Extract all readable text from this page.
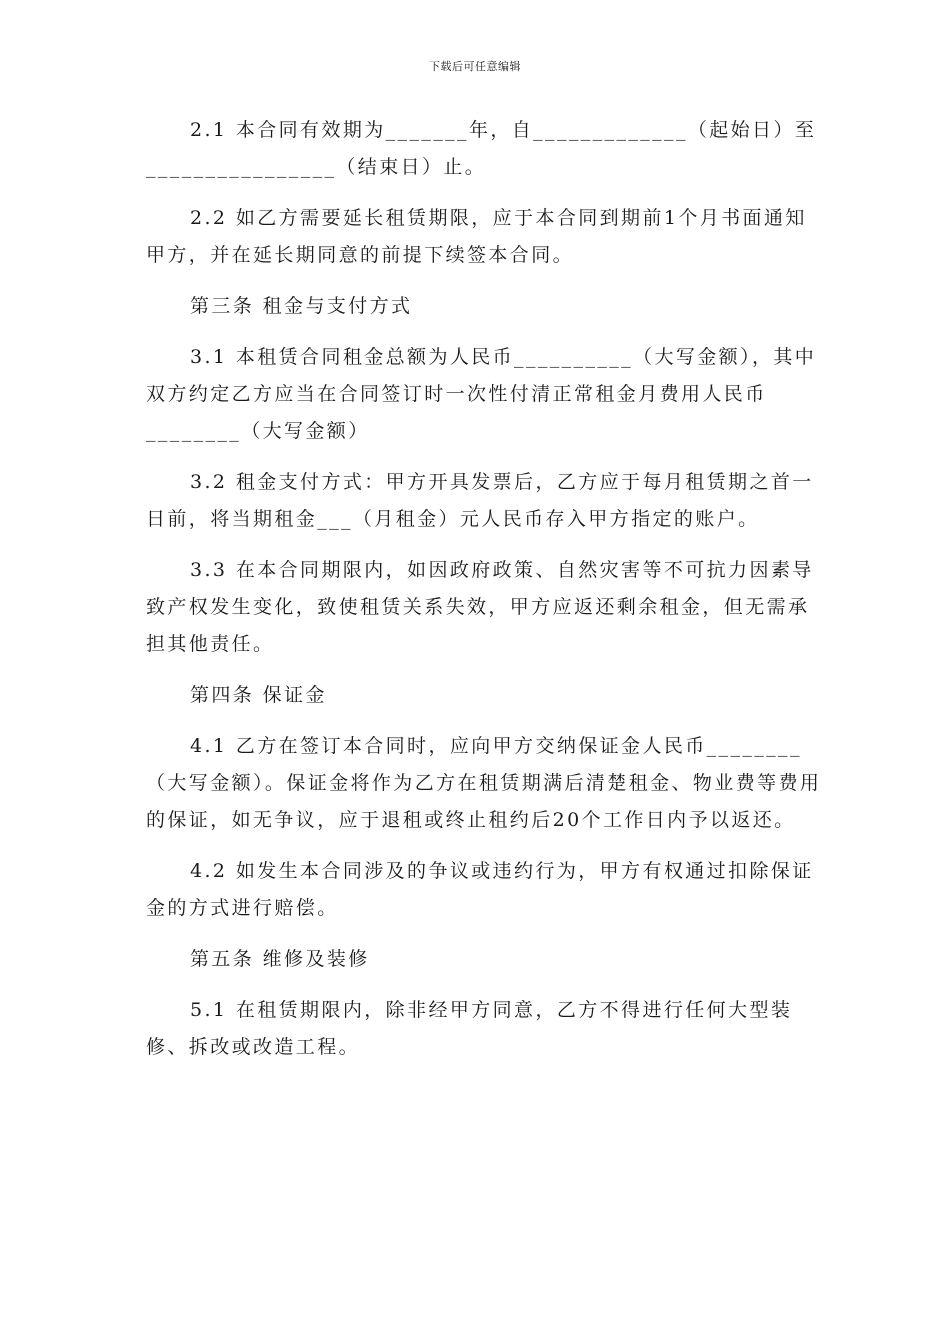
下载后可任意编辑

2.1 本合同有效期为_______年，自_____________（起始日）至________________（结束日）止。

2.2 如乙方需要延长租赁期限，应于本合同到期前1个月书面通知甲方，并在延长期同意的前提下续签本合同。

第三条 租金与支付方式

3.1 本租赁合同租金总额为人民币__________（大写金额），其中双方约定乙方应当在合同签订时一次性付清正常租金月费用人民币________（大写金额）

3.2 租金支付方式：甲方开具发票后，乙方应于每月租赁期之首一日前，将当期租金___（月租金）元人民币存入甲方指定的账户。

3.3 在本合同期限内，如因政府政策、自然灾害等不可抗力因素导致产权发生变化，致使租赁关系失效，甲方应返还剩余租金，但无需承担其他责任。

第四条 保证金

4.1 乙方在签订本合同时，应向甲方交纳保证金人民币________（大写金额）。保证金将作为乙方在租赁期满后清楚租金、物业费等费用的保证，如无争议，应于退租或终止租约后20个工作日内予以返还。

4.2 如发生本合同涉及的争议或违约行为，甲方有权通过扣除保证金的方式进行赔偿。

第五条 维修及装修

5.1 在租赁期限内，除非经甲方同意，乙方不得进行任何大型装修、拆改或改造工程。
